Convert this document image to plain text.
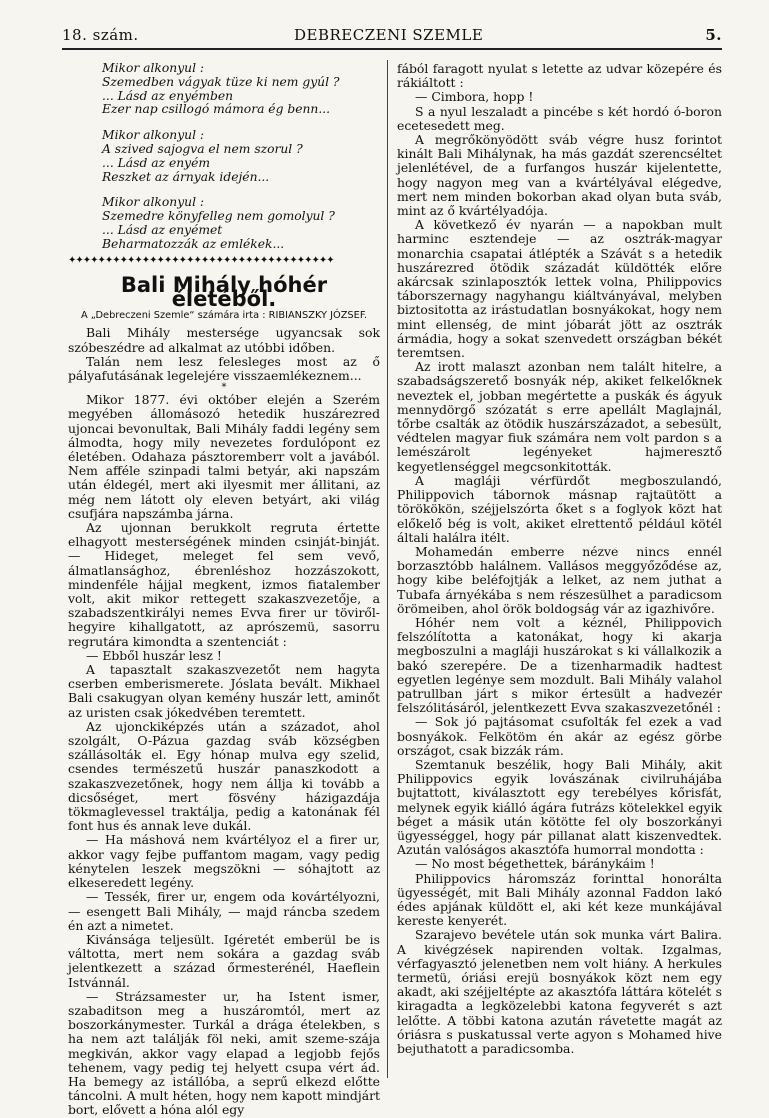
18. szám.	DEBRECZENI SZEMLE	5.
Mikor alkonyul :
Szemedben vágyak tüze ki nem gyúl ?
... Lásd az enyémben
Ezer nap csillogó mámora ég benn...
Mikor alkonyul :
A szived sajogva el nem szorul ?
... Lásd az enyém
Reszket az árnyak idején...
Mikor alkonyul :
Szemedre könyfelleg nem gomolyul ?
... Lásd az enyémet
Beharmatozzák az emlékek...
✦✦✦✦✦✦✦✦✦✦✦✦✦✦✦✦✦✦✦✦✦✦✦✦✦✦✦✦✦✦✦✦✦✦✦✦
Bali Mihály hóhér életéből.
A „Debreczeni Szemle“ számára irta : RIBIANSZKY JÓZSEF.

Bali Mihály mestersége ugyancsak sok szóbeszédre ad alkalmat az utóbbi időben.

Talán nem lesz felesleges most az ő pályafutásának legelejére visszaemlékeznem...

*

Mikor 1877. évi október elején a Szerém megyében állomásozó hetedik huszárezred ujoncai bevonultak, Bali Mihály faddi legény sem álmodta, hogy mily nevezetes fordulópont ez életében. Odahaza pásztoremberr volt a javából. Nem afféle szinpadi talmi betyár, aki napszám után éldegél, mert aki ilyesmit mer állitani, az még nem látott oly eleven betyárt, aki világ csufjára napszámba járna.

Az ujonnan berukkolt regruta értette elhagyott mesterségének minden csinját-binját. — Hideget, meleget fel sem vevő, álmatlansághoz, ébrenléshoz hozzászokott, mindenféle hájjal megkent, izmos fiatalember volt, akit mikor rettegett szakaszvezetője, a szabadszentkirályi nemes Evva firer ur töviről-hegyire kihallgatott, az aprószemü, sasorru regrutára kimondta a szentenciát :

— Ebből huszár lesz !

A tapasztalt szakaszvezetőt nem hagyta cserben emberismerete. Jóslata bevált. Mikhael Bali csakugyan olyan kemény huszár lett, aminőt az uristen csak jókedvében teremtett.

Az ujonckiképzés után a századot, ahol szolgált, O-Pázua gazdag sváb községben szállásolták el. Egy hónap mulva egy szelid, csendes természetű huszár panaszkodott a szakaszvezetőnek, hogy nem állja ki tovább a dicsőséget, mert fösvény házigazdája tökmaglevessel traktálja, pedig a katonának fél font hus és annak leve dukál.

— Ha máshová nem kvártélyoz el a firer ur, akkor vagy fejbe puffantom magam, vagy pedig kénytelen leszek megszökni — sóhajtott az elkeseredett legény.

— Tessék, firer ur, engem oda kovártélyozni, — esengett Bali Mihály, — majd ráncba szedem én azt a nimetet.

Kivánsága teljesült. Igéretét emberül be is váltotta, mert nem sokára a gazdag sváb jelentkezett a század őrmesterénél, Haeflein Istvánnál.

— Strázsamester ur, ha Istent ismer, szabaditson meg a huszáromtól, mert az boszorkánymester. Turkál a drága ételekben, s ha nem azt találják föl neki, amit szeme-szája megkiván, akkor vagy elapad a legjobb fejős tehenem, vagy pedig tej helyett csupa vért ád. Ha bemegy az istállóba, a seprű elkezd előtte táncolni. A mult héten, hogy nem kapott mindjárt bort, elővett a hóna alól egy

fából faragott nyulat s letette az udvar közepére és rákiáltott :

— Cimbora, hopp !

S a nyul leszaladt a pincébe s két hordó ó-boron ecetesedett meg.

A megrőkönyödött sváb végre husz forintot kinált Bali Mihálynak, ha más gazdát szerencséltet jelenlétével, de a furfangos huszár kijelentette, hogy nagyon meg van a kvártélyával elégedve, mert nem minden bokorban akad olyan buta sváb, mint az ő kvártélyadója.

A következő év nyarán — a napokban mult harminc esztendeje — az osztrák-magyar monarchia csapatai átlépték a Szávát s a hetedik huszárezred ötödik századát küldötték előre akárcsak szinlaposztók lettek volna, Philippovics táborszernagy nagyhangu kiáltványával, melyben biztositotta az irástudatlan bosnyákokat, hogy nem mint ellenség, de mint jóbarát jött az osztrák ármádia, hogy a sokat szenvedett országban békét teremtsen.

Az irott malaszt azonban nem talált hitelre, a szabadságszerető bosnyák nép, akiket felkelőknek neveztek el, jobban megértette a puskák és ágyuk mennydörgő szózatát s erre apellált Maglajnál, tőrbe csalták az ötödik huszárszázadot, a sebesült, védtelen magyar fiuk számára nem volt pardon s a lemészárolt legényeket hajmeresztő kegyetlenséggel megcsonkitották.

A magláji vérfürdőt megboszulandó, Philippovich tábornok másnap rajtaütött a törökökön, széjjelszórta őket s a foglyok közt hat előkelő bég is volt, akiket elrettentő például kötél általi halálra itélt.

Mohamedán emberre nézve nincs ennél borzasztóbb halálnem. Vallásos meggyőződése az, hogy kibe beléfojtják a lelket, az nem juthat a Tubafa árnyékába s nem részesülhet a paradicsom örömeiben, ahol örök boldogság vár az igazhivőre.

Hóhér nem volt a kéznél, Philippovich felszólította a katonákat, hogy ki akarja megboszulni a magláji huszárokat s ki vállalkozik a bakó szerepére. De a tizenharmadik hadtest egyetlen legénye sem mozdult. Bali Mihály valahol patrullban járt s mikor értesült a hadvezér felszólitásáról, jelentkezett Evva szakaszvezetőnél :

— Sok jó pajtásomat csufolták fel ezek a vad bosnyákok. Felkötöm én akár az egész görbe országot, csak bizzák rám.

Szemtanuk beszélik, hogy Bali Mihály, akit Philippovics egyik lovászának civilruhájába bujtattott, kiválasztott egy terebélyes kőrisfát, melynek egyik kiálló ágára futrázs kötelekkel egyik béget a másik után kötötte fel oly boszorkányi ügyességgel, hogy pár pillanat alatt kiszenvedtek. Azután valóságos akasztófa humorral mondotta :

— No most bégethettek, báránykáim !

Philippovics háromszáz forinttal honorálta ügyességét, mit Bali Mihály azonnal Faddon lakó édes apjának küldött el, aki két keze munkájával kereste kenyerét.

Szarajevo bevétele után sok munka várt Balira. A kivégzések napirenden voltak. Izgalmas, vérfagyasztó jelenetben nem volt hiány. A herkules termetü, óriási erejü bosnyákok közt nem egy akadt, aki széjjeltépte az akasztófa láttára kötelét s kiragadta a legközelebbi katona fegyverét s azt lelőtte. A többi katona azután rávetette magát az óriásra s puskatussal verte agyon s Mohamed hive bejuthatott a paradicsomba.
